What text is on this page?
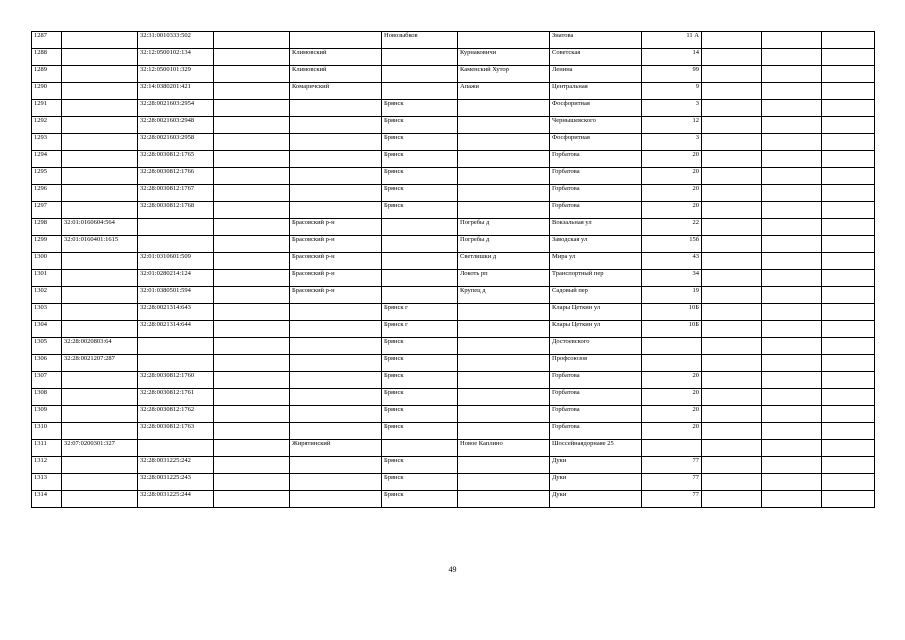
1287		32:31:0010333:502			Новозыбков		Зиатова	11 А			
1288		32:12:0500102:134		Климовский		Курнаковичи	Советская	14			
1289		32:12:0500101:329		Климовский		Каменский Хутор	Ленина	99			
1290		32:14:0380201:421		Комаричский		Апажи	Центральная	9			
1291		32:28:0021603:2954			Брянск		Фосфоритная	3			
1292		32:28:0021603:2948			Брянск		Чернышевского	12			
1293		32:28:0021603:2958			Брянск		Фосфоритная	3			
1294		32:28:0030812:1765			Брянск		Горбатова	20			
1295		32:28:0030812:1766			Брянск		Горбатова	20			
1296		32:28:0030812:1767			Брянск		Горбатова	20			
1297		32:28:0030812:1768			Брянск		Горбатова	20			
1298	32:01:0160604:564			Брасовский р-н		Погребы д	Вокзальная ул	22			
1299	32:01:0160401:1615			Брасовский р-н		Погребы д	Заводская ул	15б			
1300		32:01:0310601:509		Брасовский р-н		Светлишки д	Мира ул	43			
1301		32:01:0280214:124		Брасовский р-н		Локоть рп	Транспортный пер	34			
1302		32:01:0380501:594		Брасовский р-н		Крупец д	Садовый пер	19			
1303		32:28:0021314:643			Брянск г		Клары Цеткин ул	10Б			
1304		32:28:0021314:644			Брянск г		Клары Цеткин ул	10Б			
1305	32:28:0020803:64				Брянск		Достоевского				
1306	32:28:0021207:287				Брянск		Профсоюзов				
1307		32:28:0030812:1760			Брянск		Горбатова	20			
1308		32:28:0030812:1761			Брянск		Горбатова	20			
1309		32:28:0030812:1762			Брянск		Горбатова	20			
1310		32:28:0030812:1763			Брянск		Горбатова	20			
1311	32:07:0200301:327			Жирятинский		Новое Каплино	Шоссейнаядорнаяе 25				
1312		32:28:0031225:242			Брянск		Дуки	77			
1313		32:28:0031225:243			Брянск		Дуки	77			
1314		32:28:0031225:244			Брянск		Дуки	77			
49
